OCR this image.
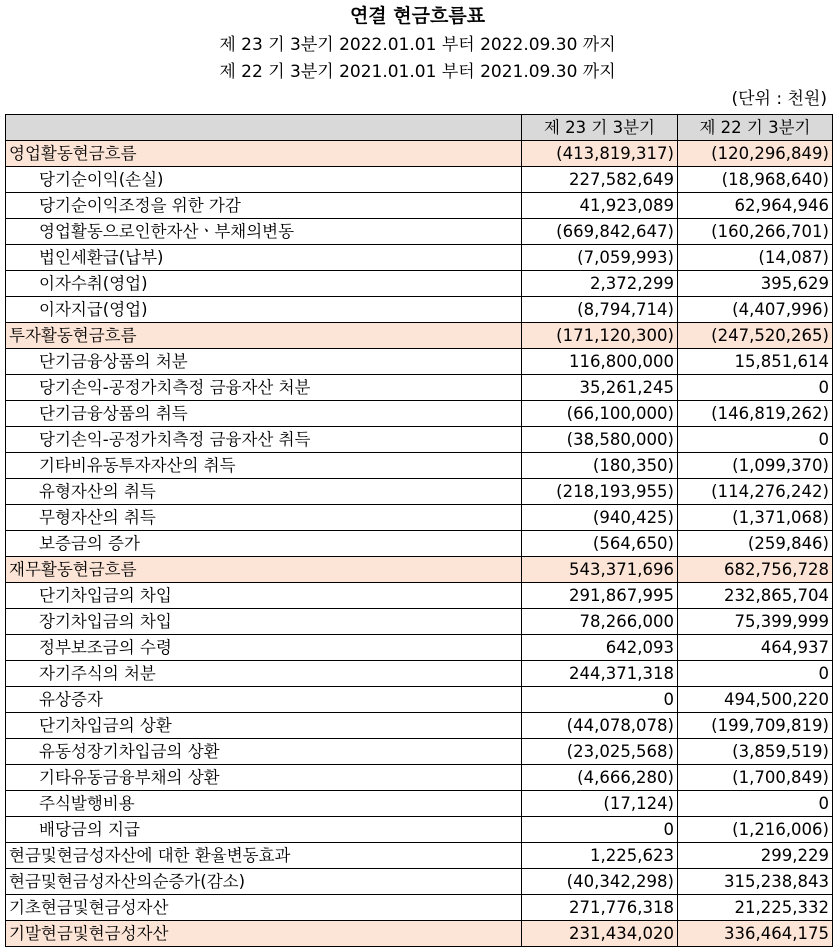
연결 현금흐름표
제 23 기 3분기 2022.01.01 부터 2022.09.30 까지
제 22 기 3분기 2021.01.01 부터 2021.09.30 까지
(단위 : 천원)
	제 23 기 3분기	제 22 기 3분기
영업활동현금흐름	(413,819,317)	(120,296,849)
당기순이익(손실)	227,582,649	(18,968,640)
당기순이익조정을 위한 가감	41,923,089	62,964,946
영업활동으로인한자산ㆍ부채의변동	(669,842,647)	(160,266,701)
법인세환급(납부)	(7,059,993)	(14,087)
이자수취(영업)	2,372,299	395,629
이자지급(영업)	(8,794,714)	(4,407,996)
투자활동현금흐름	(171,120,300)	(247,520,265)
단기금융상품의 처분	116,800,000	15,851,614
당기손익-공정가치측정 금융자산 처분	35,261,245	0
단기금융상품의 취득	(66,100,000)	(146,819,262)
당기손익-공정가치측정 금융자산 취득	(38,580,000)	0
기타비유동투자자산의 취득	(180,350)	(1,099,370)
유형자산의 취득	(218,193,955)	(114,276,242)
무형자산의 취득	(940,425)	(1,371,068)
보증금의 증가	(564,650)	(259,846)
재무활동현금흐름	543,371,696	682,756,728
단기차입금의 차입	291,867,995	232,865,704
장기차입금의 차입	78,266,000	75,399,999
정부보조금의 수령	642,093	464,937
자기주식의 처분	244,371,318	0
유상증자	0	494,500,220
단기차입금의 상환	(44,078,078)	(199,709,819)
유동성장기차입금의 상환	(23,025,568)	(3,859,519)
기타유동금융부채의 상환	(4,666,280)	(1,700,849)
주식발행비용	(17,124)	0
배당금의 지급	0	(1,216,006)
현금및현금성자산에 대한 환율변동효과	1,225,623	299,229
현금및현금성자산의순증가(감소)	(40,342,298)	315,238,843
기초현금및현금성자산	271,776,318	21,225,332
기말현금및현금성자산	231,434,020	336,464,175
